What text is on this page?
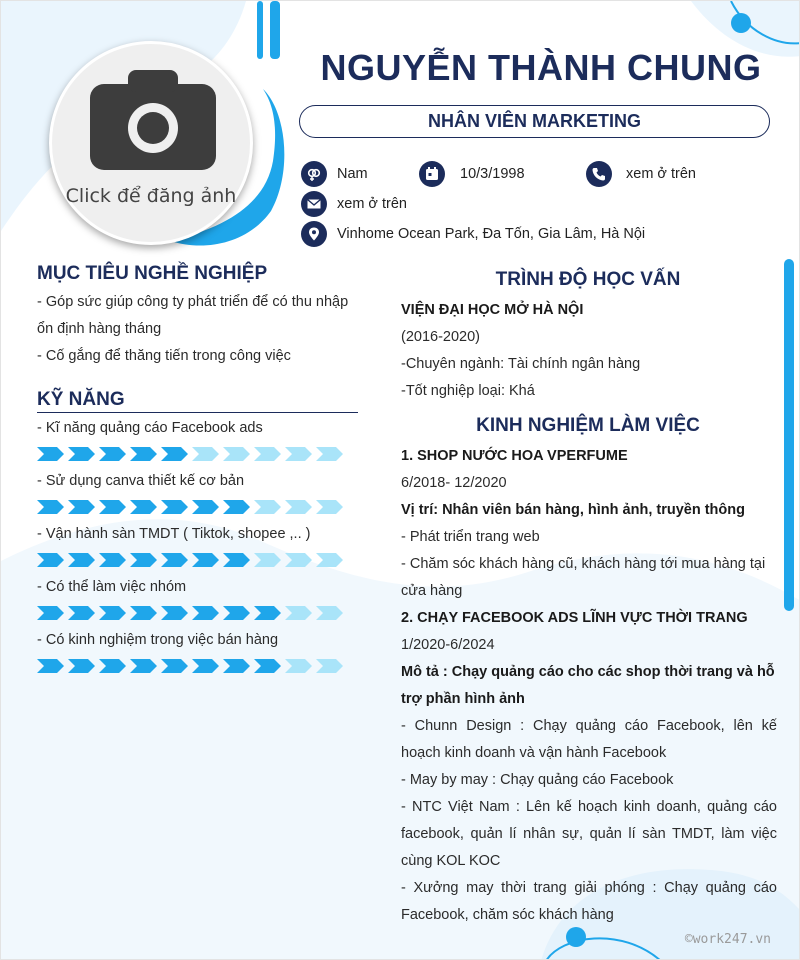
Click để đăng ảnh
NGUYỄN THÀNH CHUNG
NHÂN VIÊN MARKETING
Nam	10/3/1998	xem ở trên
xem ở trên
Vinhome Ocean Park, Đa Tốn, Gia Lâm, Hà Nội
MỤC TIÊU NGHỀ NGHIỆP
- Góp sức giúp công ty phát triển để có thu nhập
ổn định hàng tháng
- Cố gắng để thăng tiến trong công việc
KỸ NĂNG
- Kĩ năng quảng cáo Facebook ads
- Sử dụng canva thiết kế cơ bản
- Vận hành sàn TMDT ( Tiktok, shopee ,.. )
- Có thể làm việc nhóm
- Có kinh nghiệm trong việc bán hàng
TRÌNH ĐỘ HỌC VẤN
VIỆN ĐẠI HỌC MỞ HÀ NỘI
(2016-2020)
-Chuyên ngành: Tài chính ngân hàng
-Tốt nghiệp loại: Khá
KINH NGHIỆM LÀM VIỆC
1. SHOP NƯỚC HOA VPERFUME
6/2018- 12/2020
Vị trí: Nhân viên bán hàng, hình ảnh, truyền thông
- Phát triển trang web
- Chăm sóc khách hàng cũ, khách hàng tới mua hàng tại cửa hàng
2. CHẠY FACEBOOK ADS LĨNH VỰC THỜI TRANG
1/2020-6/2024
Mô tả : Chạy quảng cáo cho các shop thời trang và hỗ trợ phần hình ảnh
- Chunn Design : Chạy quảng cáo Facebook, lên kế hoạch kinh doanh và vận hành Facebook
- May by may : Chạy quảng cáo Facebook
- NTC Việt Nam : Lên kế hoạch kinh doanh, quảng cáo facebook, quản lí nhân sự, quản lí sàn TMDT, làm việc cùng KOL KOC
- Xưởng may thời trang giải phóng : Chạy quảng cáo Facebook, chăm sóc khách hàng
©work247.vn
